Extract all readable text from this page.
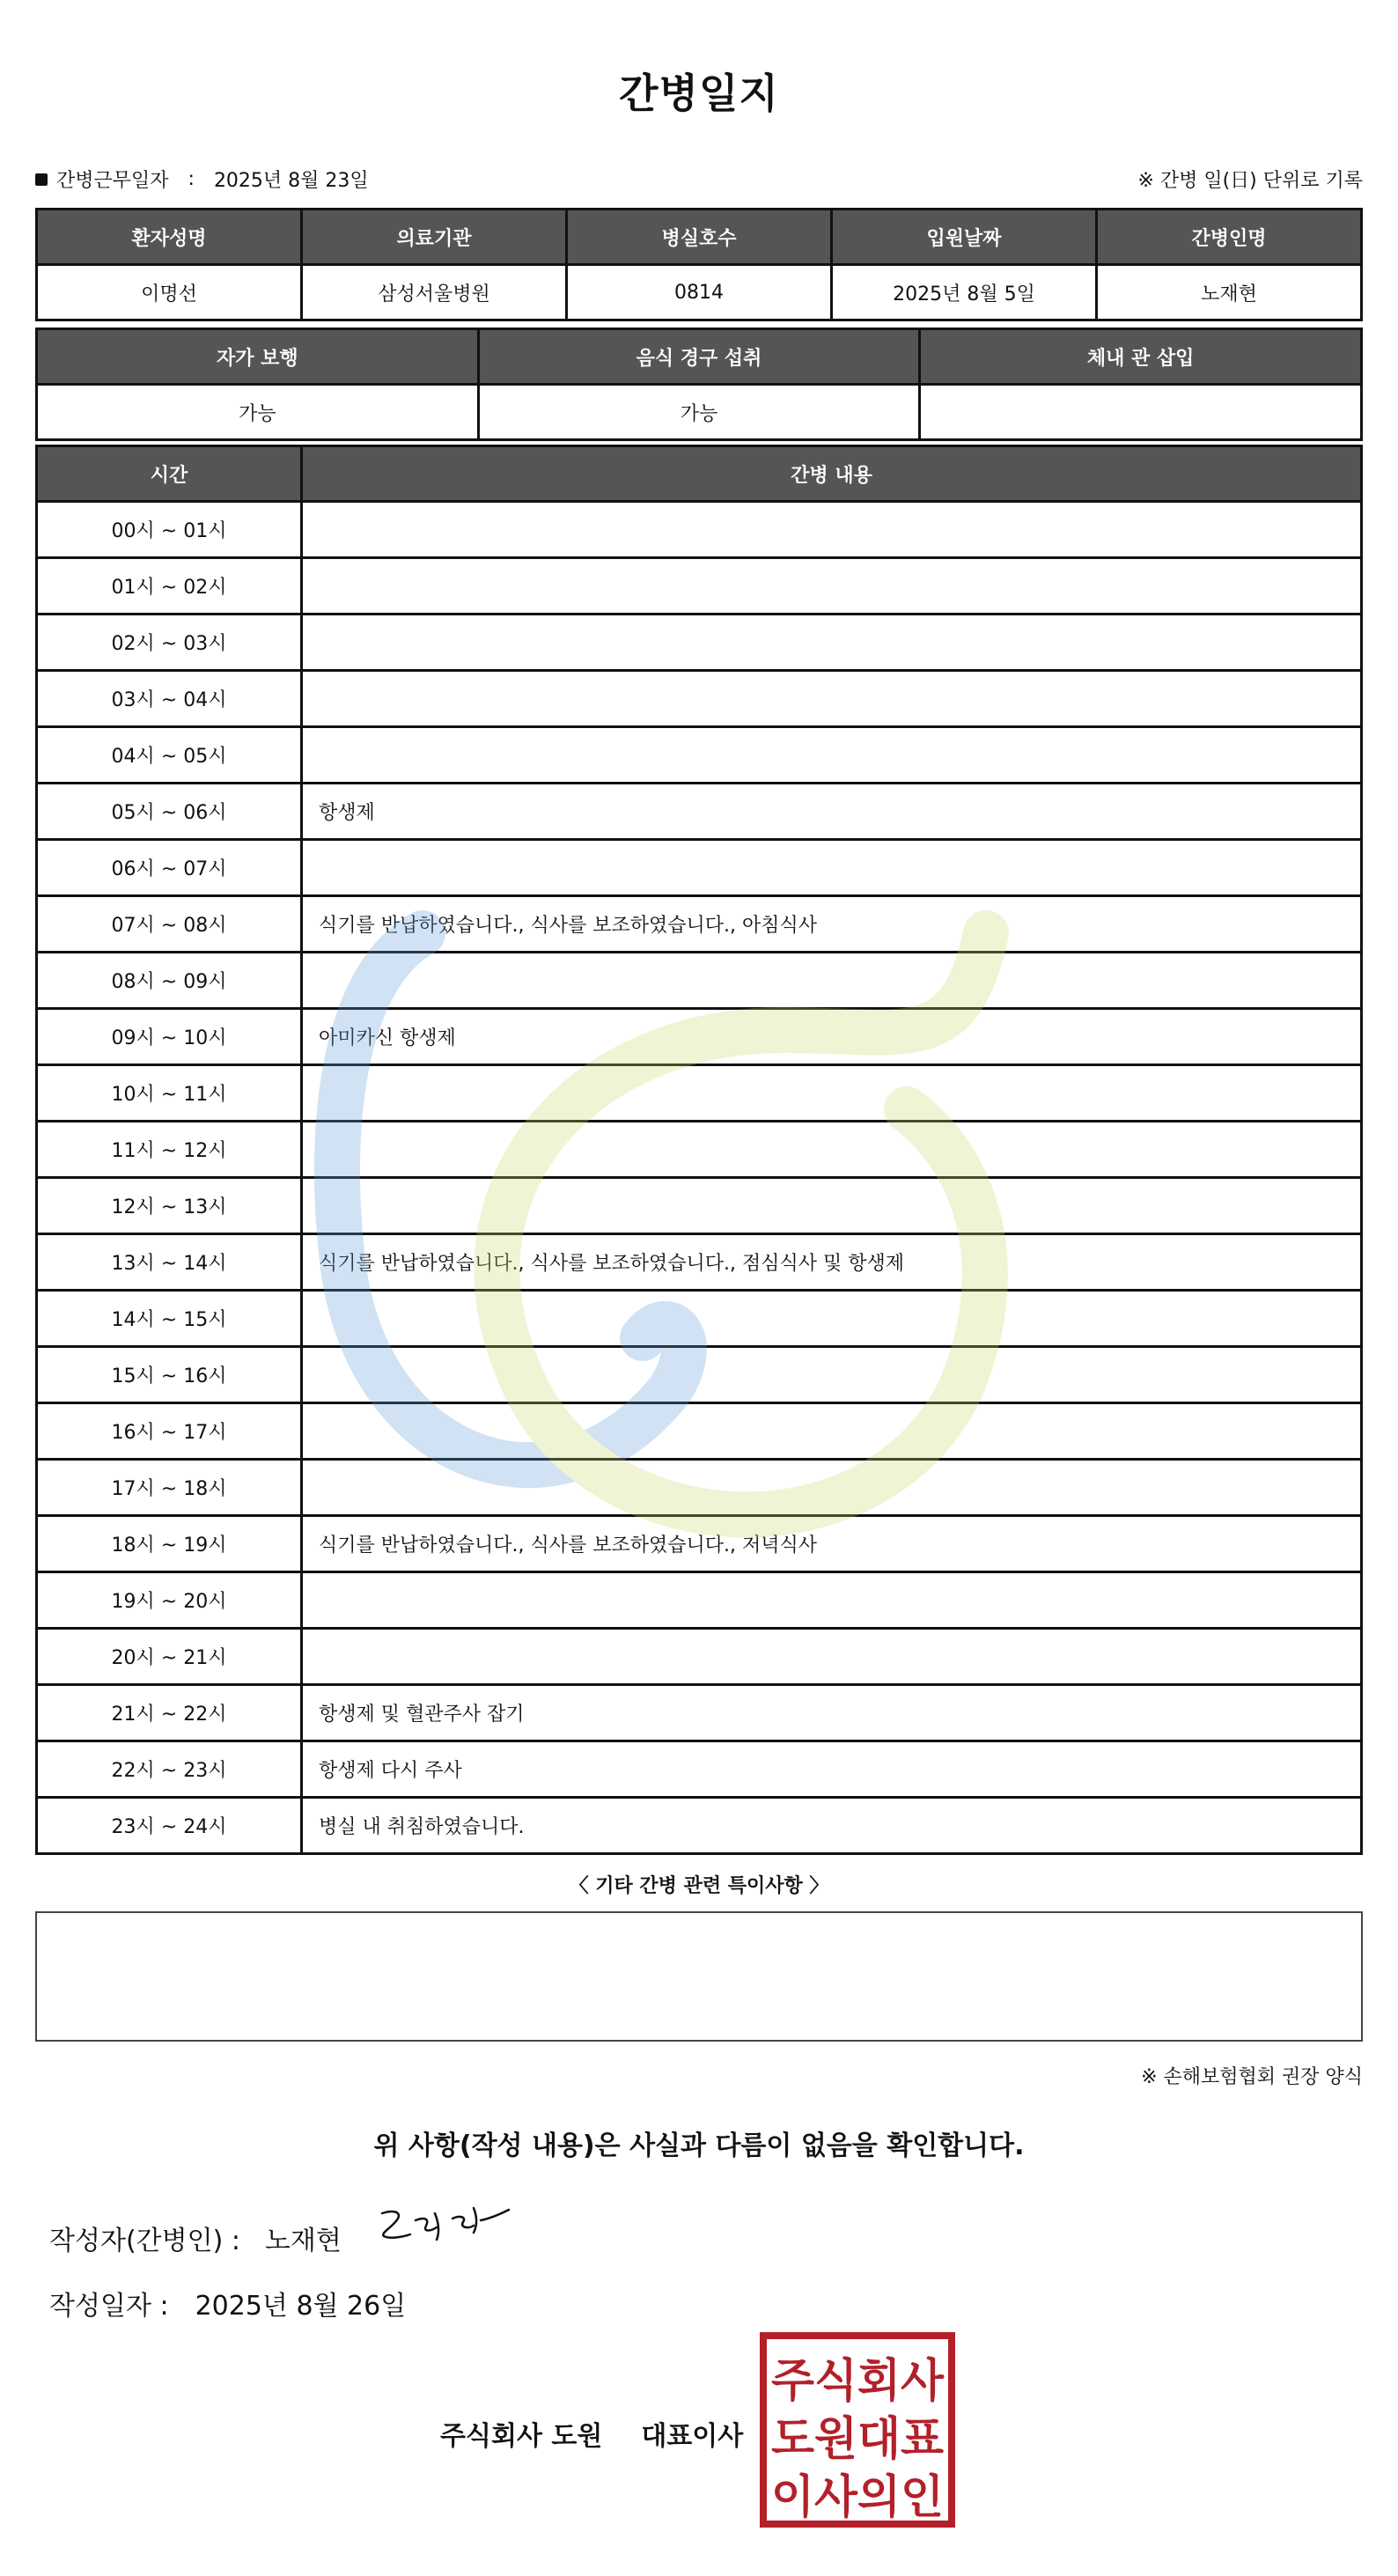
간병일지
간병근무일자 : 2025년 8월 23일	※ 간병 일(日) 단위로 기록
환자성명	의료기관	병실호수	입원날짜	간병인명
이명선	삼성서울병원	0814	2025년 8월 5일	노재현
자가 보행	음식 경구 섭취	체내 관 삽입
가능	가능	
시간	간병 내용
00시 ~ 01시	
01시 ~ 02시	
02시 ~ 03시	
03시 ~ 04시	
04시 ~ 05시	
05시 ~ 06시	항생제
06시 ~ 07시	
07시 ~ 08시	식기를 반납하였습니다., 식사를 보조하였습니다., 아침식사
08시 ~ 09시	
09시 ~ 10시	아미카신 항생제
10시 ~ 11시	
11시 ~ 12시	
12시 ~ 13시	
13시 ~ 14시	식기를 반납하였습니다., 식사를 보조하였습니다., 점심식사 및 항생제
14시 ~ 15시	
15시 ~ 16시	
16시 ~ 17시	
17시 ~ 18시	
18시 ~ 19시	식기를 반납하였습니다., 식사를 보조하였습니다., 저녁식사
19시 ~ 20시	
20시 ~ 21시	
21시 ~ 22시	항생제 및 혈관주사 잡기
22시 ~ 23시	항생제 다시 주사
23시 ~ 24시	병실 내 취침하였습니다.
〈 기타 간병 관련 특이사항 〉
※ 손해보험협회 권장 양식
위 사항(작성 내용)은 사실과 다름이 없음을 확인합니다.
작성자(간병인) : 노재현
작성일자 : 2025년 8월 26일
주식회사 도원 대표이사
주식회사
도원대표
이사의인
